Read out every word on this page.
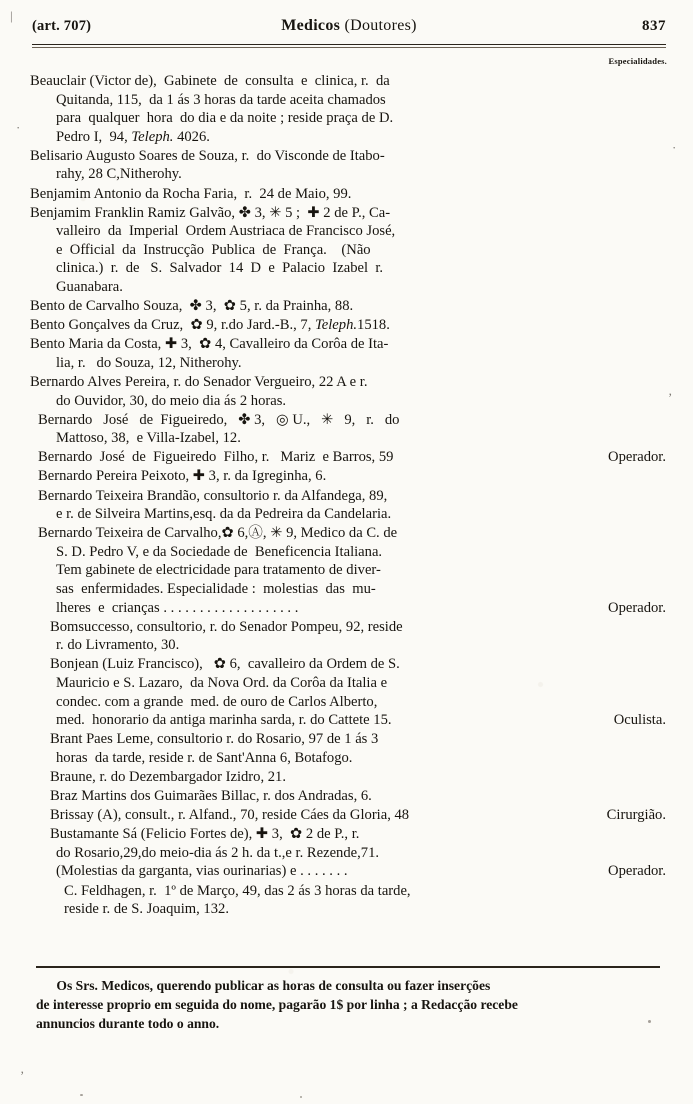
(art. 707)	Medicos (Doutores)	837
Especialidades.
Beauclair (Victor de),  Gabinete  de  consulta  e  clinica, r.  da
Quitanda, 115,  da 1 ás 3 horas da tarde aceita chamados
para  qualquer  hora  do dia e da noite ; reside praça de D.
Pedro I,  94, Teleph. 4026.
Belisario Augusto Soares de Souza, r.  do Visconde de Itabo-
rahy, 28 C,Nitherohy.
Benjamim Antonio da Rocha Faria,  r.  24 de Maio, 99.
Benjamim Franklin Ramiz Galvão, ✤ 3, ✳ 5 ;  ✚ 2 de P., Ca-
valleiro  da  Imperial  Ordem Austriaca de Francisco José,
e  Official  da  Instrucção  Publica  de  França.    (Não
clinica.)  r.  de   S.  Salvador  14  D  e  Palacio  Izabel  r.
Guanabara.
Bento de Carvalho Souza,  ✤ 3,  ✿ 5, r. da Prainha, 88.
Bento Gonçalves da Cruz,  ✿ 9, r.do Jard.-B., 7, Teleph.1518.
Bento Maria da Costa, ✚ 3,  ✿ 4, Cavalleiro da Corôa de Ita-
lia, r.   do Souza, 12, Nitherohy.
Bernardo Alves Pereira, r. do Senador Vergueiro, 22 A e r.
do Ouvidor, 30, do meio dia ás 2 horas.
Bernardo   José   de  Figueiredo,   ✤ 3,   ◎ U.,   ✳   9,   r.   do
Mattoso, 38,  e Villa-Izabel, 12.
Bernardo  José  de  Figueiredo  Filho, r.   Mariz  e Barros, 59	Operador.
Bernardo Pereira Peixoto, ✚ 3, r. da Igreginha, 6.
Bernardo Teixeira Brandão, consultorio r. da Alfandega, 89,
e r. de Silveira Martins,esq. da da Pedreira da Candelaria.
Bernardo Teixeira de Carvalho,✿ 6,Ⓐ, ✳ 9, Medico da C. de
S. D. Pedro V, e da Sociedade de  Beneficencia Italiana.
Tem gabinete de electricidade para tratamento de diver-
sas  enfermidades. Especialidade :  molestias  das  mu-
lheres  e  crianças . . . . . . . . . . . . . . . . . . .	Operador.
Bomsuccesso, consultorio, r. do Senador Pompeu, 92, reside
r. do Livramento, 30.
Bonjean (Luiz Francisco),   ✿ 6,  cavalleiro da Ordem de S.
Mauricio e S. Lazaro,  da Nova Ord. da Corôa da Italia e
condec. com a grande  med. de ouro de Carlos Alberto,
med.  honorario da antiga marinha sarda, r. do Cattete 15.	Oculista.
Brant Paes Leme, consultorio r. do Rosario, 97 de 1 ás 3
horas  da tarde, reside r. de Sant'Anna 6, Botafogo.
Braune, r. do Dezembargador Izidro, 21.
Braz Martins dos Guimarães Billac, r. dos Andradas, 6.
Brissay (A), consult., r. Alfand., 70, reside Cáes da Gloria, 48	Cirurgião.
Bustamante Sá (Felicio Fortes de), ✚ 3,  ✿ 2 de P., r.
do Rosario,29,do meio-dia ás 2 h. da t.,e r. Rezende,71.
(Molestias da garganta, vias ourinarias) e . . . . . . .	Operador.
C. Feldhagen, r.  1º de Março, 49, das 2 ás 3 horas da tarde,
reside r. de S. Joaquim, 132.
Os Srs. Medicos, querendo publicar as horas de consulta ou fazer inserções
de interesse proprio em seguida do nome, pagarão 1$ por linha ; a Redacção recebe
annuncios durante todo o anno.
|
·
·
ʼ
ʼ
